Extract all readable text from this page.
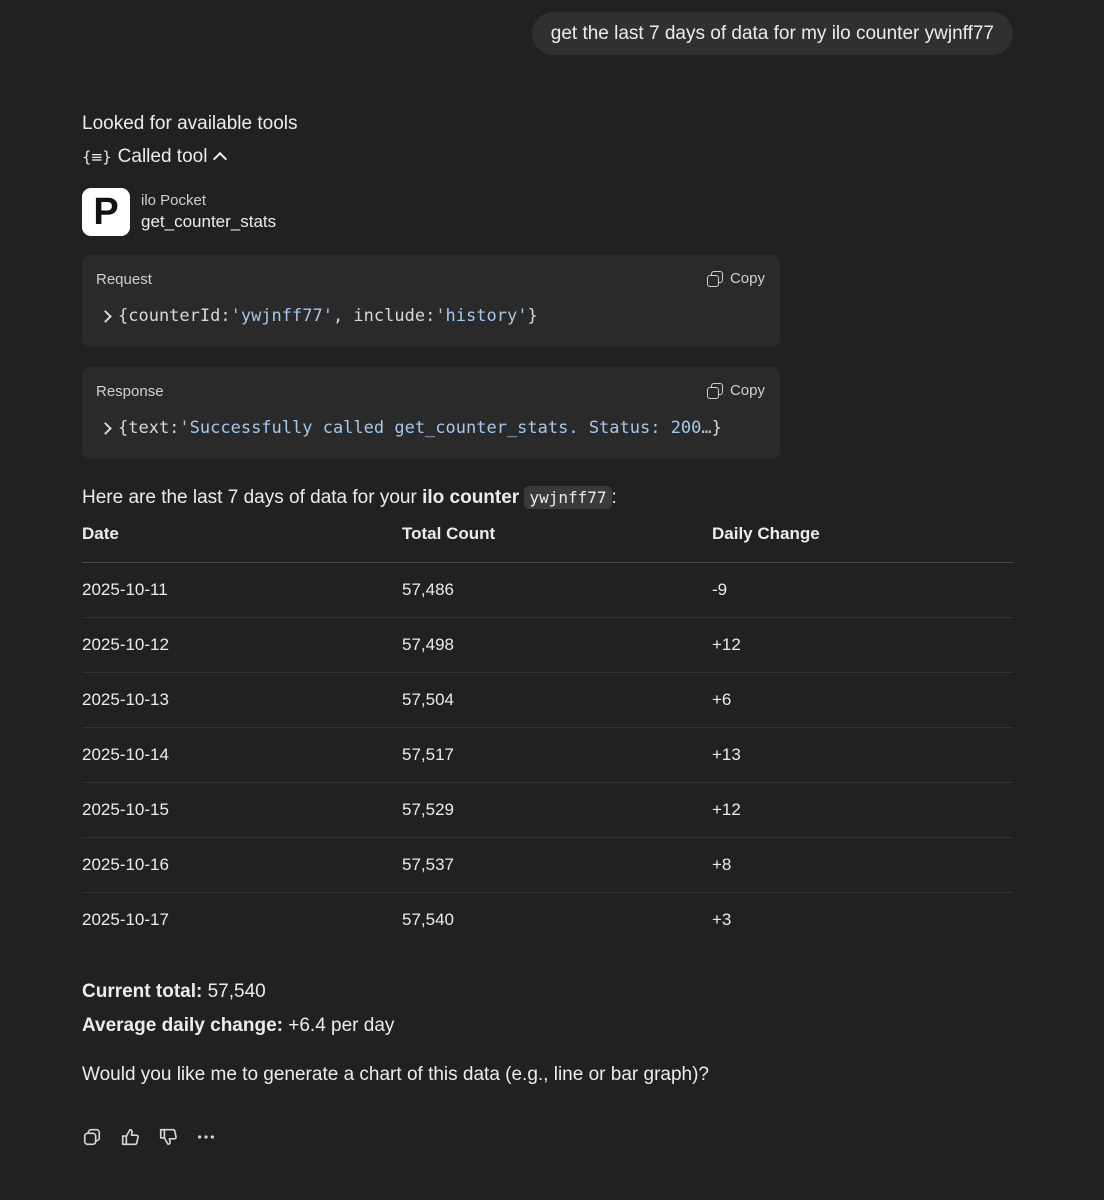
get the last 7 days of data for my ilo counter ywjnff77
Looked for available tools
{≡} Called tool
P	ilo Pocket
get_counter_stats
Request	Copy
{counterId: 'ywjnff77' , include: 'history' }
Response	Copy
{text: 'Successfully called get_counter_stats. Status: 200… }
Here are the last 7 days of data for your ilo counter ywjnff77 :
Date	Total Count	Daily Change
2025-10-11	57,486	-9
2025-10-12	57,498	+12
2025-10-13	57,504	+6
2025-10-14	57,517	+13
2025-10-15	57,529	+12
2025-10-16	57,537	+8
2025-10-17	57,540	+3
Current total: 57,540
Average daily change: +6.4 per day
Would you like me to generate a chart of this data (e.g., line or bar graph)?
